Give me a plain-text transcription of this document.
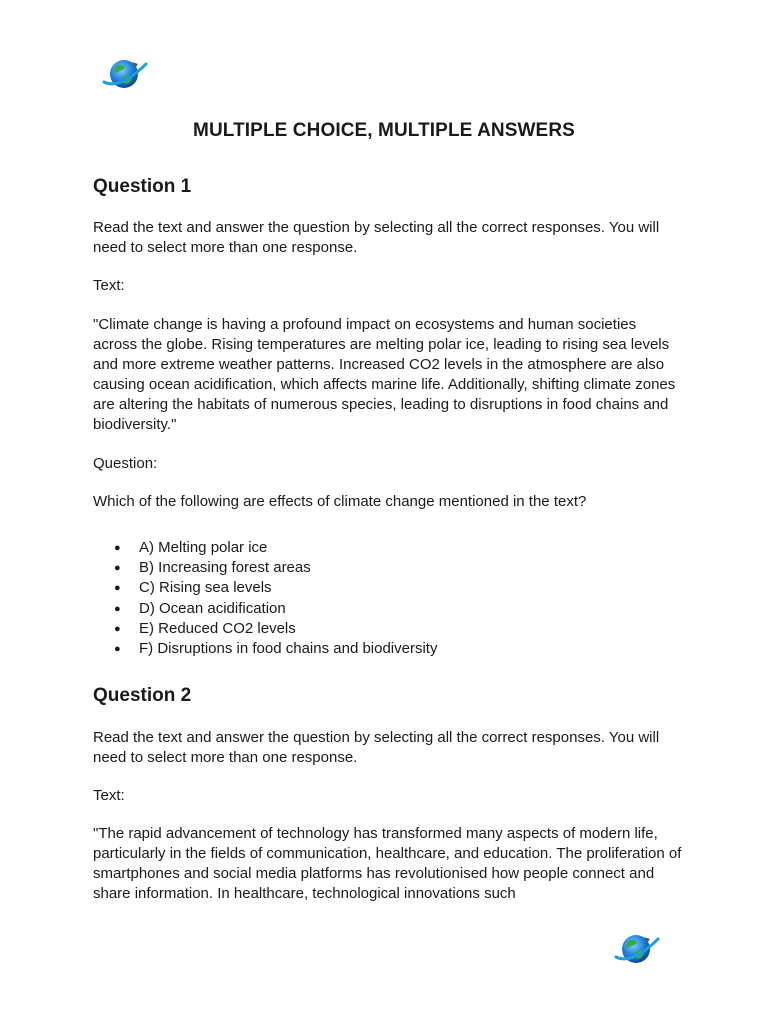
MULTIPLE CHOICE, MULTIPLE ANSWERS
Question 1

Read the text and answer the question by selecting all the correct responses. You will need to select more than one response.

Text:

"Climate change is having a profound impact on ecosystems and human societies across the globe. Rising temperatures are melting polar ice, leading to rising sea levels and more extreme weather patterns. Increased CO2 levels in the atmosphere are also causing ocean acidification, which affects marine life. Additionally, shifting climate zones are altering the habitats of numerous species, leading to disruptions in food chains and biodiversity."

Question:

Which of the following are effects of climate change mentioned in the text?

● A) Melting polar ice
● B) Increasing forest areas
● C) Rising sea levels
● D) Ocean acidification
● E) Reduced CO2 levels
● F) Disruptions in food chains and biodiversity
Question 2

Read the text and answer the question by selecting all the correct responses. You will need to select more than one response.

Text:

"The rapid advancement of technology has transformed many aspects of modern life, particularly in the fields of communication, healthcare, and education. The proliferation of smartphones and social media platforms has revolutionised how people connect and share information. In healthcare, technological innovations such
